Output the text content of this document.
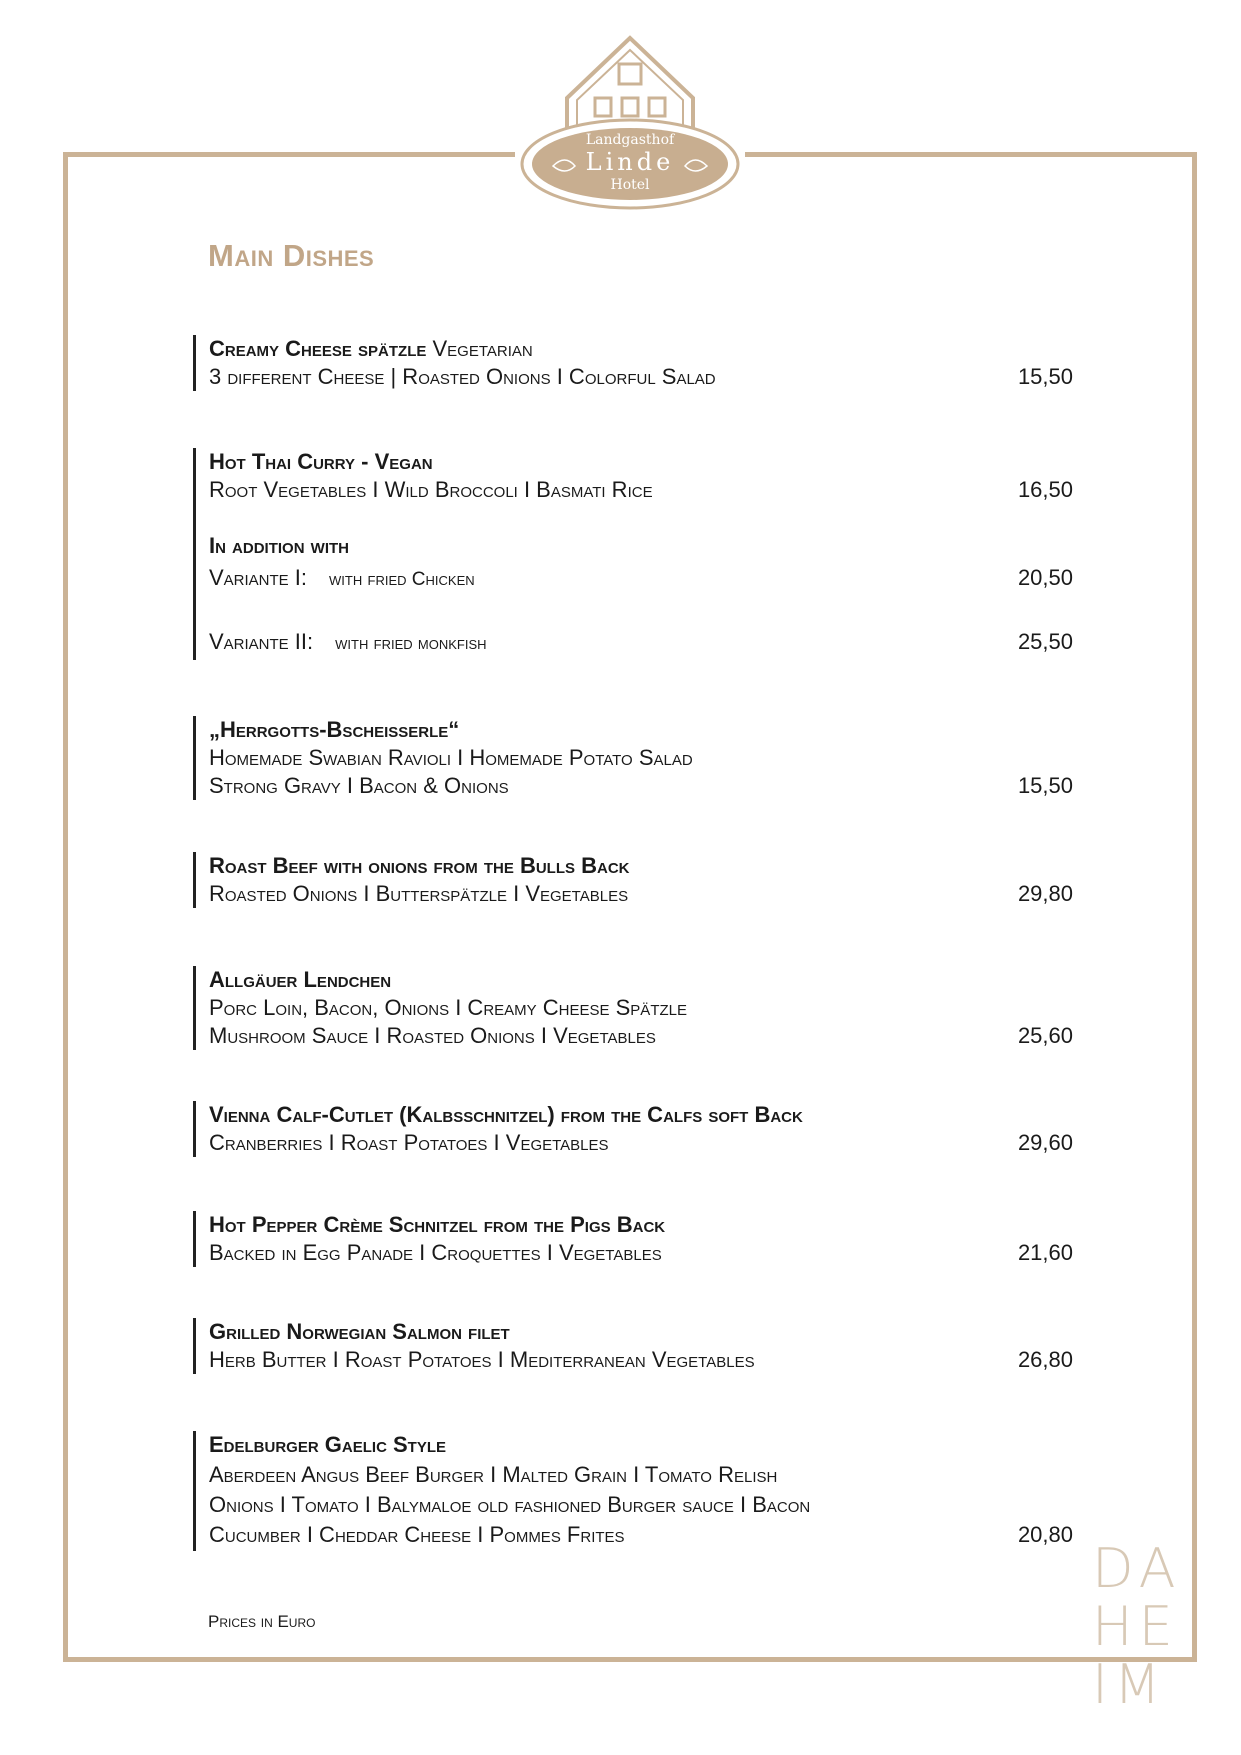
Landgasthof
Linde
Hotel
Main Dishes
Creamy Cheese spätzle Vegetarian
3 different Cheese | Roasted Onions I Colorful Salad	15,50
Hot Thai Curry - Vegan
Root Vegetables I Wild Broccoli I Basmati Rice	16,50
In addition with
Variante I: with fried Chicken	20,50
Variante II: with fried monkfish	25,50
„Herrgotts-Bscheisserle“
Homemade Swabian Ravioli I Homemade Potato Salad
Strong Gravy I Bacon & Onions	15,50
Roast Beef with onions from the Bulls Back
Roasted Onions I Butterspätzle I Vegetables	29,80
Allgäuer Lendchen
Porc Loin, Bacon, Onions I Creamy Cheese Spätzle
Mushroom Sauce I Roasted Onions I Vegetables	25,60
Vienna Calf-Cutlet (Kalbsschnitzel) from the Calfs soft Back
Cranberries I Roast Potatoes I Vegetables	29,60
Hot Pepper Crème Schnitzel from the Pigs Back
Backed in Egg Panade I Croquettes I Vegetables	21,60
Grilled Norwegian Salmon filet
Herb Butter I Roast Potatoes I Mediterranean Vegetables	26,80
Edelburger Gaelic Style
Aberdeen Angus Beef Burger I Malted Grain I Tomato Relish
Onions I Tomato I Balymaloe old fashioned Burger sauce I Bacon
Cucumber I Cheddar Cheese I Pommes Frites	20,80
Prices in Euro
DA
HE
IM
